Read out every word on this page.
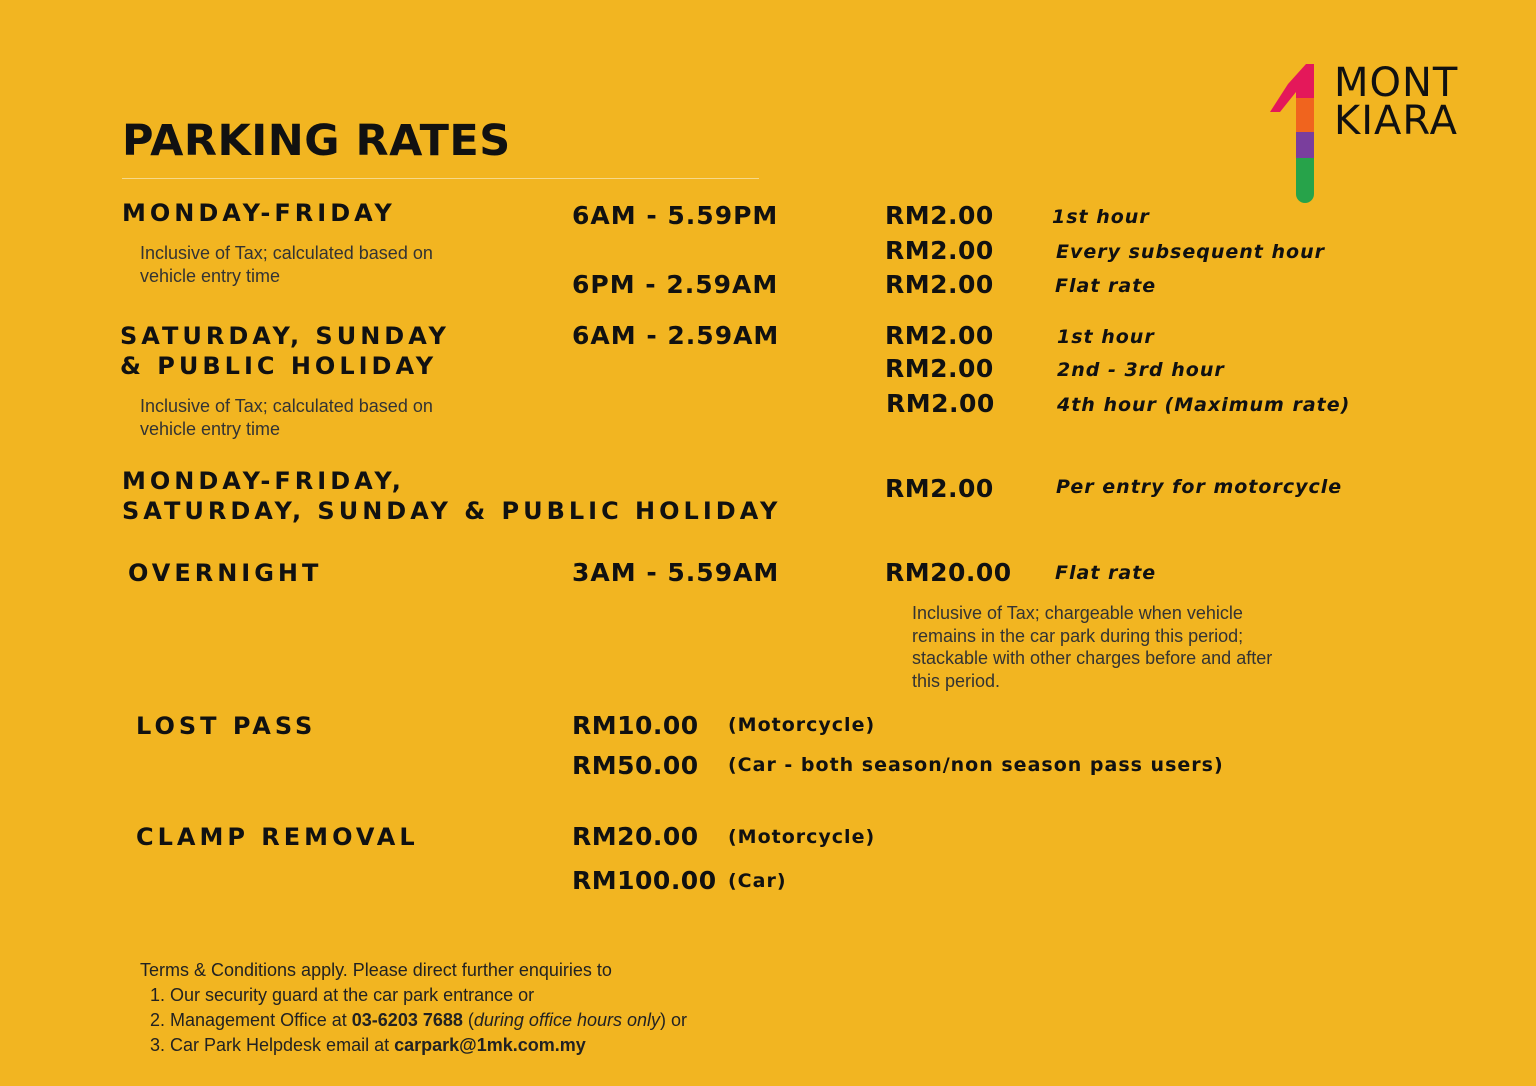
MONT
KIARA
PARKING RATES
MONDAY-FRIDAY
Inclusive of Tax; calculated based on vehicle entry time
6AM - 5.59PM	RM2.00	1st hour
RM2.00	Every subsequent hour
6PM - 2.59AM	RM2.00	Flat rate
SATURDAY, SUNDAY
& PUBLIC HOLIDAY
Inclusive of Tax; calculated based on vehicle entry time
6AM - 2.59AM	RM2.00	1st hour
RM2.00	2nd - 3rd hour
RM2.00	4th hour (Maximum rate)
MONDAY-FRIDAY,
SATURDAY, SUNDAY & PUBLIC HOLIDAY
RM2.00	Per entry for motorcycle
OVERNIGHT	3AM - 5.59AM	RM20.00 Flat rate
Inclusive of Tax; chargeable when vehicle remains in the car park during this period; stackable with other charges before and after this period.
LOST PASS	RM10.00 (Motorcycle)
RM50.00 (Car - both season/non season pass users)
CLAMP REMOVAL	RM20.00 (Motorcycle)
RM100.00 (Car)
Terms & Conditions apply. Please direct further enquiries to
1. Our security guard at the car park entrance or
2. Management Office at 03-6203 7688 (during office hours only) or
3. Car Park Helpdesk email at carpark@1mk.com.my
